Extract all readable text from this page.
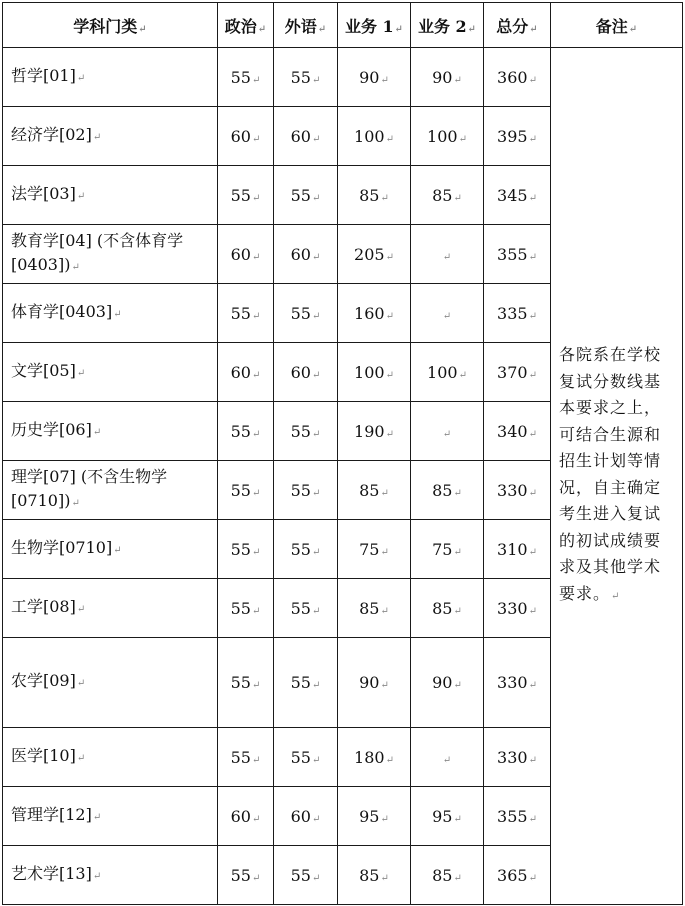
学科门类↵	政治↵	外语↵	业务 1↵	业务 2↵	总分↵	备注↵
哲学[01]↵	55↵	55↵	90↵	90↵	360↵	各院系在学校复试分数线基本要求之上，可结合生源和招生计划等情况，自主确定考生进入复试的初试成绩要求及其他学术要求。↵
经济学[02]↵	60↵	60↵	100↵	100↵	395↵	
法学[03]↵	55↵	55↵	85↵	85↵	345↵	
教育学[04] (不含体育学[0403])↵	60↵	60↵	205↵	↵	355↵	
体育学[0403]↵	55↵	55↵	160↵	↵	335↵	
文学[05]↵	60↵	60↵	100↵	100↵	370↵	
历史学[06]↵	55↵	55↵	190↵	↵	340↵	
理学[07] (不含生物学[0710])↵	55↵	55↵	85↵	85↵	330↵	
生物学[0710]↵	55↵	55↵	75↵	75↵	310↵	
工学[08]↵	55↵	55↵	85↵	85↵	330↵	
农学[09]↵	55↵	55↵	90↵	90↵	330↵	
医学[10]↵	55↵	55↵	180↵	↵	330↵	
管理学[12]↵	60↵	60↵	95↵	95↵	355↵	
艺术学[13]↵	55↵	55↵	85↵	85↵	365↵	
